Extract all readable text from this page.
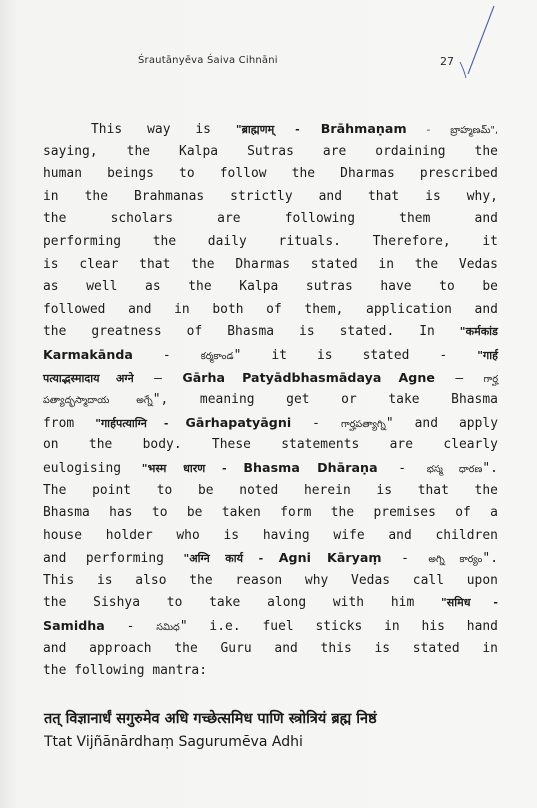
Śrautānyēva Śaiva Cihnāni	27
This way is "ब्राह्मणम् - Brāhmaṇam - బ్రాహ్మణమ్",
saying, the Kalpa Sutras are ordaining the
human beings to follow the Dharmas prescribed
in the Brahmanas strictly and that is why,
the scholars are following them and
performing the daily rituals. Therefore, it
is clear that the Dharmas stated in the Vedas
as well as the Kalpa sutras have to be
followed and in both of them, application and
the greatness of Bhasma is stated. In "कर्मकांड
Karmakānda - కర్మకాండ" it is stated - "गार्ह
पत्याद्भस्माद‍ाय अग्ने – Gārha Patyādbhasmādaya Agne – గార్హ
పత్యాద్భస్మాదాయ అగ్నే", meaning get or take Bhasma
from "गार्हपत्याग्नि - Gārhapatyāgni - గార్హపత్యాగ్ని" and apply
on the body. These statements are clearly
eulogising "भस्म धारण - Bhasma Dhāraṇa - భస్మ ధారణ".
The point to be noted herein is that the
Bhasma has to be taken form the premises of a
house holder who is having wife and children
and performing "अग्नि कार्य - Agni Kāryaṃ - అగ్ని కార్యం".
This is also the reason why Vedas call upon
the Sishya to take along with him "समिध -
Samidha - సమిధ" i.e. fuel sticks in his hand
and approach the Guru and this is stated in
the following mantra:
तत् विज्ञानार्धं सगुरुमेव अधि गच्छेत्समिध पाणि स्त्रोत्रियं ब्रह्म निष्ठं
Ttat Vijñānārdhaṃ Sagurumēva Adhi
